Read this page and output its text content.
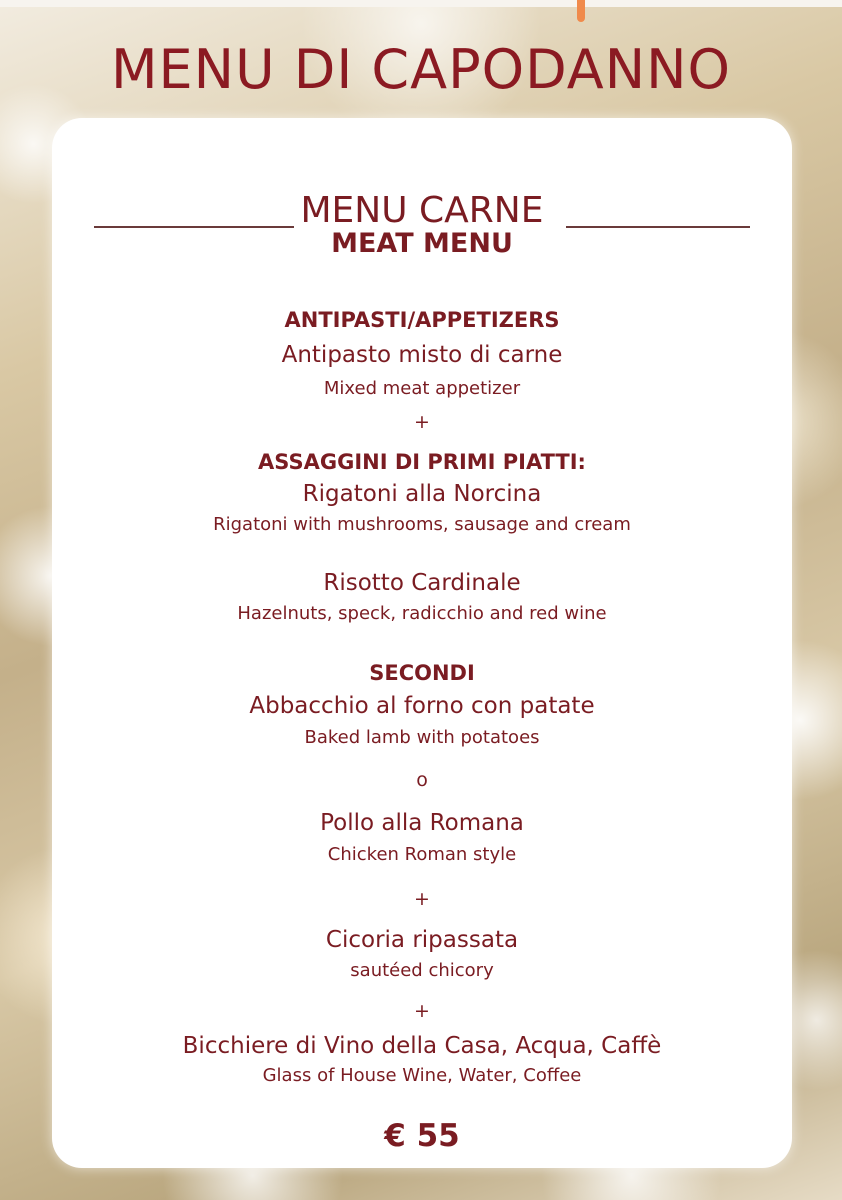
MENU DI CAPODANNO
MENU CARNE
MEAT MENU
ANTIPASTI/APPETIZERS
Antipasto misto di carne
Mixed meat appetizer
+
ASSAGGINI DI PRIMI PIATTI:
Rigatoni alla Norcina
Rigatoni with mushrooms, sausage and cream
Risotto Cardinale
Hazelnuts, speck, radicchio and red wine
SECONDI
Abbacchio al forno con patate
Baked lamb with potatoes
o
Pollo alla Romana
Chicken Roman style
+
Cicoria ripassata
sautéed chicory
+
Bicchiere di Vino della Casa, Acqua, Caffè
Glass of House Wine, Water, Coffee
€ 55
